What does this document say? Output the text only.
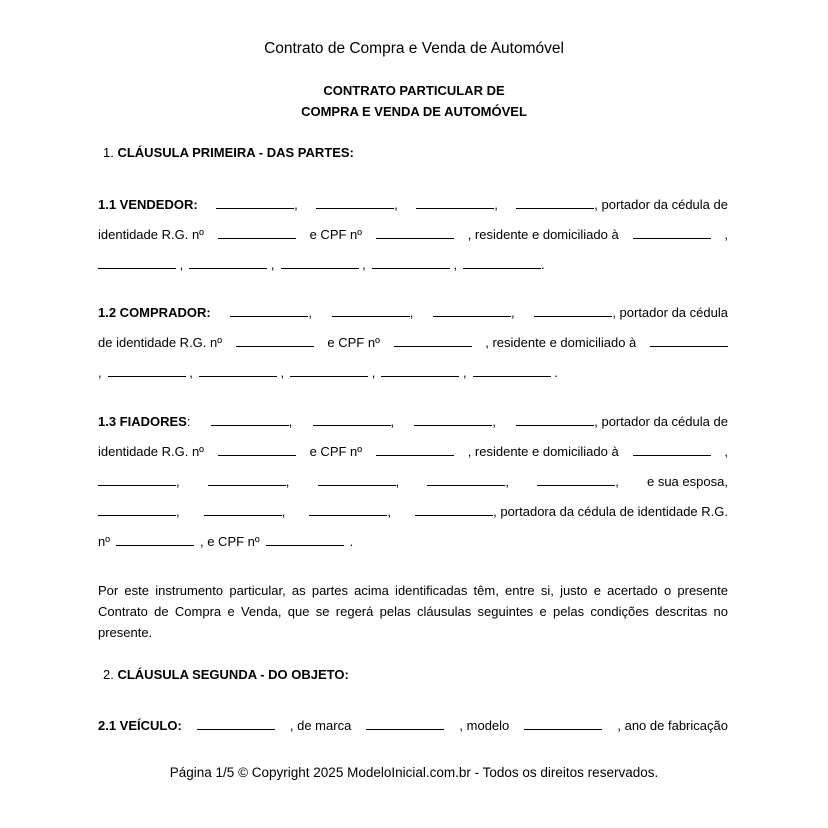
Contrato de Compra e Venda de Automóvel
CONTRATO PARTICULAR DE
COMPRA E VENDA DE AUTOMÓVEL
1. CLÁUSULA PRIMEIRA - DAS PARTES:
1.1 VENDEDOR:	,	,	,	, portador da cédula de
identidade R.G. nº	e CPF nº	, residente e domiciliado à	,
,	,	,	,	.
1.2 COMPRADOR:	,	,	,	, portador da cédula
de identidade R.G. nº	e CPF nº	, residente e domiciliado à
,	,	,	,	,	.
1.3 FIADORES:	,	,	,	, portador da cédula de
identidade R.G. nº	e CPF nº	, residente e domiciliado à	,
,	,	,	,	, e sua esposa,
,	,	,	, portadora da cédula de identidade R.G.
nº	, e CPF nº	.
Por este instrumento particular, as partes acima identificadas têm, entre si, justo e acertado o presente Contrato de Compra e Venda, que se regerá pelas cláusulas seguintes e pelas condições descritas no presente.
2. CLÁUSULA SEGUNDA - DO OBJETO:
2.1 VEÍCULO:	, de marca	, modelo	, ano de fabricação
Página 1/5 © Copyright 2025 ModeloInicial.com.br - Todos os direitos reservados.
